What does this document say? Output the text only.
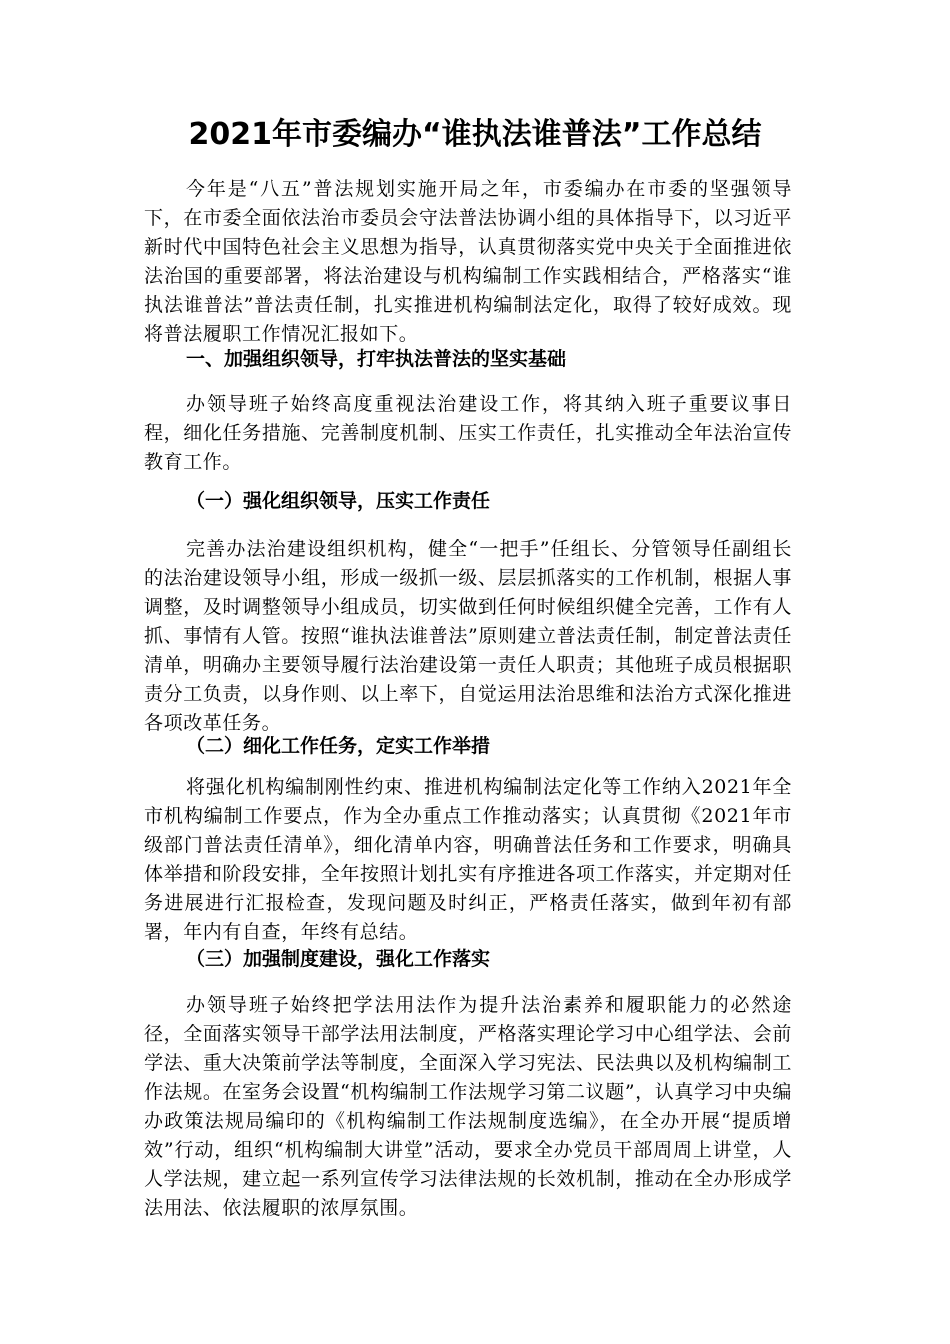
2021年市委编办“谁执法谁普法”工作总结

今年是“八五”普法规划实施开局之年，市委编办在市委的坚强领导下，在市委全面依法治市委员会守法普法协调小组的具体指导下，以习近平新时代中国特色社会主义思想为指导，认真贯彻落实党中央关于全面推进依法治国的重要部署，将法治建设与机构编制工作实践相结合，严格落实“谁执法谁普法”普法责任制，扎实推进机构编制法定化，取得了较好成效。现将普法履职工作情况汇报如下。

一、加强组织领导，打牢执法普法的坚实基础

办领导班子始终高度重视法治建设工作，将其纳入班子重要议事日程，细化任务措施、完善制度机制、压实工作责任，扎实推动全年法治宣传教育工作。

（一）强化组织领导，压实工作责任

完善办法治建设组织机构，健全“一把手”任组长、分管领导任副组长的法治建设领导小组，形成一级抓一级、层层抓落实的工作机制，根据人事调整，及时调整领导小组成员，切实做到任何时候组织健全完善，工作有人抓、事情有人管。按照“谁执法谁普法”原则建立普法责任制，制定普法责任清单，明确办主要领导履行法治建设第一责任人职责；其他班子成员根据职责分工负责，以身作则、以上率下，自觉运用法治思维和法治方式深化推进各项改革任务。

（二）细化工作任务，定实工作举措

将强化机构编制刚性约束、推进机构编制法定化等工作纳入2021年全市机构编制工作要点，作为全办重点工作推动落实；认真贯彻《2021年市级部门普法责任清单》，细化清单内容，明确普法任务和工作要求，明确具体举措和阶段安排，全年按照计划扎实有序推进各项工作落实，并定期对任务进展进行汇报检查，发现问题及时纠正，严格责任落实，做到年初有部署，年内有自查，年终有总结。

（三）加强制度建设，强化工作落实

办领导班子始终把学法用法作为提升法治素养和履职能力的必然途径，全面落实领导干部学法用法制度，严格落实理论学习中心组学法、会前学法、重大决策前学法等制度，全面深入学习宪法、民法典以及机构编制工作法规。在室务会设置“机构编制工作法规学习第二议题”，认真学习中央编办政策法规局编印的《机构编制工作法规制度选编》，在全办开展“提质增效”行动，组织“机构编制大讲堂”活动，要求全办党员干部周周上讲堂，人人学法规，建立起一系列宣传学习法律法规的长效机制，推动在全办形成学法用法、依法履职的浓厚氛围。
